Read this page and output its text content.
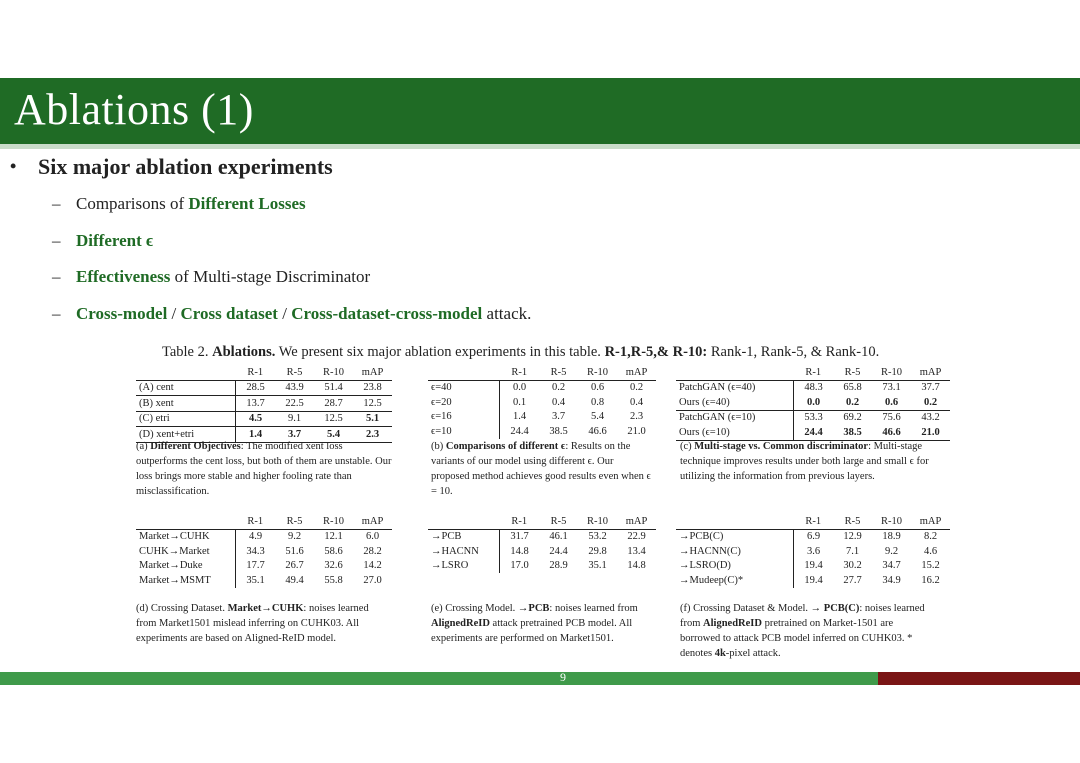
Ablations (1)
• Six major ablation experiments
– Comparisons of Different Losses
– Different ϵ
– Effectiveness of Multi-stage Discriminator
– Cross-model / Cross dataset / Cross-dataset-cross-model attack.
Table 2. Ablations. We present six major ablation experiments in this table. R-1,R-5,& R-10: Rank-1, Rank-5, & Rank-10.
	R-1	R-5	R-10	mAP
(A) cent	28.5	43.9	51.4	23.8
(B) xent	13.7	22.5	28.7	12.5
(C) etri	4.5	9.1	12.5	5.1
(D) xent+etri	1.4	3.7	5.4	2.3
(a) Different Objectives: The modified xent loss outperforms the cent loss, but both of them are unstable. Our loss brings more stable and higher fooling rate than misclassification.
	R-1	R-5	R-10	mAP
ϵ=40	0.0	0.2	0.6	0.2
ϵ=20	0.1	0.4	0.8	0.4
ϵ=16	1.4	3.7	5.4	2.3
ϵ=10	24.4	38.5	46.6	21.0
(b) Comparisons of different ϵ: Results on the variants of our model using different ϵ. Our proposed method achieves good results even when ϵ = 10.
	R-1	R-5	R-10	mAP
PatchGAN (ϵ=40)	48.3	65.8	73.1	37.7
Ours (ϵ=40)	0.0	0.2	0.6	0.2
PatchGAN (ϵ=10)	53.3	69.2	75.6	43.2
Ours (ϵ=10)	24.4	38.5	46.6	21.0
(c) Multi-stage vs. Common discriminator: Multi-stage technique improves results under both large and small ϵ for utilizing the information from previous layers.
	R-1	R-5	R-10	mAP
Market→CUHK	4.9	9.2	12.1	6.0
CUHK→Market	34.3	51.6	58.6	28.2
Market→Duke	17.7	26.7	32.6	14.2
Market→MSMT	35.1	49.4	55.8	27.0
(d) Crossing Dataset. Market→CUHK: noises learned from Market1501 mislead inferring on CUHK03. All experiments are based on Aligned-ReID model.
	R-1	R-5	R-10	mAP
→PCB	31.7	46.1	53.2	22.9
→HACNN	14.8	24.4	29.8	13.4
→LSRO	17.0	28.9	35.1	14.8
(e) Crossing Model. →PCB: noises learned from AlignedReID attack pretrained PCB model. All experiments are performed on Market1501.
	R-1	R-5	R-10	mAP
→PCB(C)	6.9	12.9	18.9	8.2
→HACNN(C)	3.6	7.1	9.2	4.6
→LSRO(D)	19.4	30.2	34.7	15.2
→Mudeep(C)*	19.4	27.7	34.9	16.2
(f) Crossing Dataset & Model. → PCB(C): noises learned from AlignedReID pretrained on Market-1501 are borrowed to attack PCB model inferred on CUHK03. * denotes 4k-pixel attack.
9
